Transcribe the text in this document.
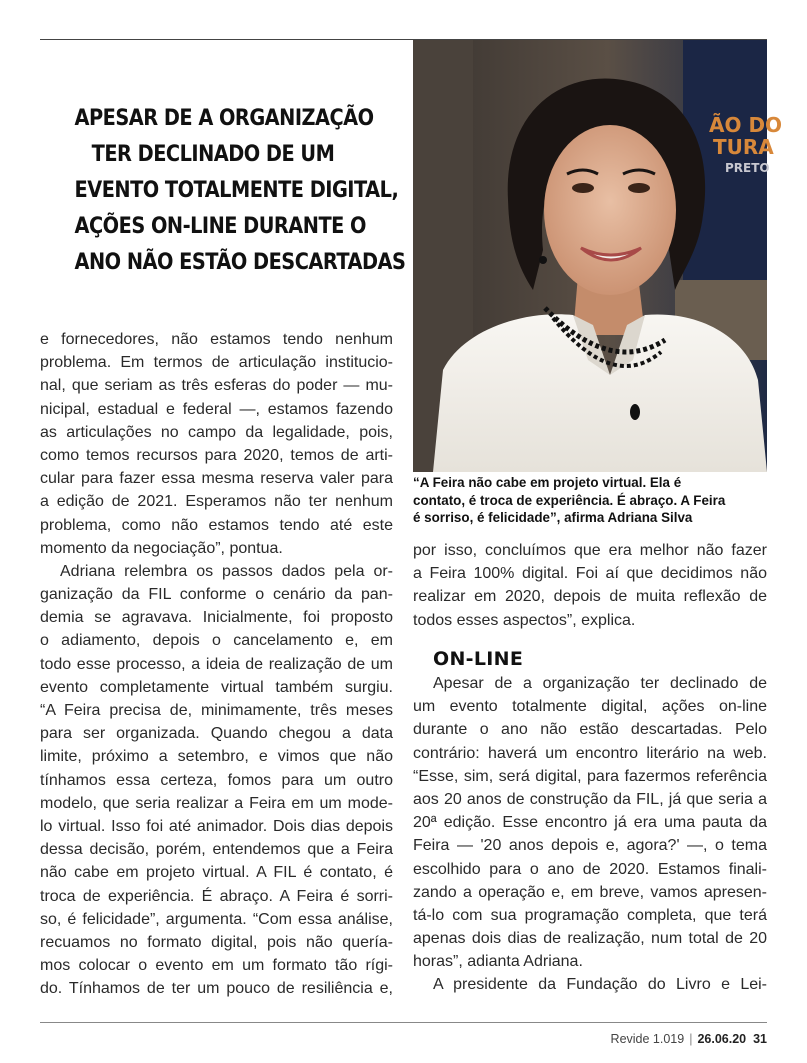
APESAR DE A ORGANIZAÇÃO
TER DECLINADO DE UM
EVENTO TOTALMENTE DIGITAL,
AÇÕES ON-LINE DURANTE O
ANO NÃO ESTÃO DESCARTADAS
e fornecedores, não estamos tendo nenhum
problema. Em termos de articulação institucio-
nal, que seriam as três esferas do poder — mu-
nicipal, estadual e federal —, estamos fazendo
as articulações no campo da legalidade, pois,
como temos recursos para 2020, temos de arti-
cular para fazer essa mesma reserva valer para
a edição de 2021. Esperamos não ter nenhum
problema, como não estamos tendo até este
momento da negociação”, pontua.
Adriana relembra os passos dados pela or-
ganização da FIL conforme o cenário da pan-
demia se agravava. Inicialmente, foi proposto
o adiamento, depois o cancelamento e, em
todo esse processo, a ideia de realização de um
evento completamente virtual também surgiu.
“A Feira precisa de, minimamente, três meses
para ser organizada. Quando chegou a data
limite, próximo a setembro, e vimos que não
tínhamos essa certeza, fomos para um outro
modelo, que seria realizar a Feira em um mode-
lo virtual. Isso foi até animador. Dois dias depois
dessa decisão, porém, entendemos que a Feira
não cabe em projeto virtual. A FIL é contato, é
troca de experiência. É abraço. A Feira é sorri-
so, é felicidade”, argumenta. “Com essa análise,
recuamos no formato digital, pois não quería-
mos colocar o evento em um formato tão rígi-
do. Tínhamos de ter um pouco de resiliência e,
ÃO DO
TURA
PRETO
“A Feira não cabe em projeto virtual. Ela é
contato, é troca de experiência. É abraço. A Feira
é sorriso, é felicidade”, afirma Adriana Silva
por isso, concluímos que era melhor não fazer
a Feira 100% digital. Foi aí que decidimos não
realizar em 2020, depois de muita reflexão de
todos esses aspectos”, explica.
ON-LINE
Apesar de a organização ter declinado de
um evento totalmente digital, ações on-line
durante o ano não estão descartadas. Pelo
contrário: haverá um encontro literário na web.
“Esse, sim, será digital, para fazermos referência
aos 20 anos de construção da FIL, já que seria a
20ª edição. Esse encontro já era uma pauta da
Feira — '20 anos depois e, agora?' —, o tema
escolhido para o ano de 2020. Estamos finali-
zando a operação e, em breve, vamos apresen-
tá-lo com sua programação completa, que terá
apenas dois dias de realização, num total de 20
horas”, adianta Adriana.
A presidente da Fundação do Livro e Lei-
Revide 1.019 | 26.06.20 31
